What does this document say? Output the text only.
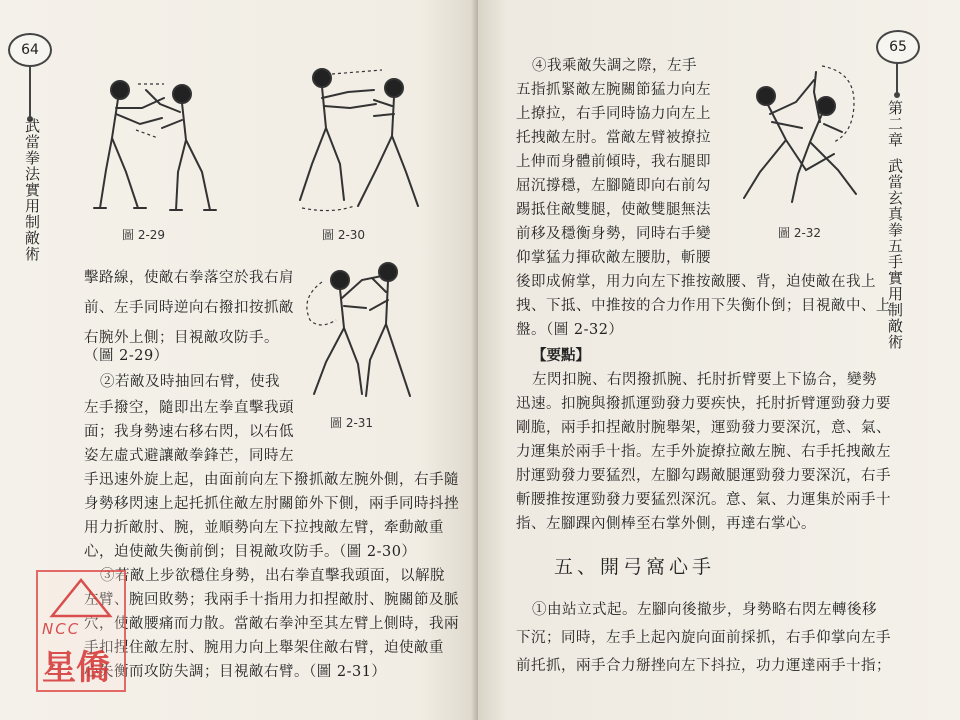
64
武當拳法實用制敵術	圖 2-29	圖 2-30
圖 2-31
擊路線，使敵右拳落空於我右肩
前、左手同時逆向右撥扣按抓敵
右腕外上側；目視敵攻防手。
（圖 2-29）
②若敵及時抽回右臂，使我
左手撥空，隨即出左拳直擊我頭
面；我身勢速右移右閃，以右低
姿左虛式避讓敵拳鋒芒，同時左
手迅速外旋上起，由面前向左下撥抓敵左腕外側，右手隨
身勢移閃速上起托抓住敵左肘關節外下側，兩手同時抖挫
用力折敵肘、腕，並順勢向左下拉拽敵左臂，牽動敵重
心，迫使敵失衡前倒；目視敵攻防手。（圖 2-30）
③若敵上步欲穩住身勢，出右拳直擊我頭面，以解脫
左臂、腕回敗勢；我兩手十指用力扣捏敵肘、腕關節及脈
穴，使敵腰痛而力散。當敵右拳沖至其左臂上側時，我兩
手扣捏住敵左肘、腕用力向上舉架住敵右臂，迫使敵重
心失衡而攻防失調；目視敵右臂。（圖 2-31）
NCC
星僑
65
第二章
武當玄真拳五手實用制敵術
圖 2-32
④我乘敵失調之際，左手
五指抓緊敵左腕關節猛力向左
上撩拉，右手同時協力向左上
托拽敵左肘。當敵左臂被撩拉
上伸而身體前傾時，我右腿即
屈沉撐穩，左腳隨即向右前勾
踢抵住敵雙腿，使敵雙腿無法
前移及穩衡身勢，同時右手變
仰掌猛力揮砍敵左腰肋，斬腰
後即成俯掌，用力向左下推按敵腰、背，迫使敵在我上
拽、下抵、中推按的合力作用下失衡仆倒；目視敵中、上
盤。（圖 2-32）
【要點】
左閃扣腕、右閃撥抓腕、托肘折臂要上下協合，變勢
迅速。扣腕與撥抓運勁發力要疾快，托肘折臂運勁發力要
剛脆，兩手扣捏敵肘腕舉架，運勁發力要深沉，意、氣、
力運集於兩手十指。左手外旋撩拉敵左腕、右手托拽敵左
肘運勁發力要猛烈，左腳勾踢敵腿運勁發力要深沉，右手
斬腰推按運勁發力要猛烈深沉。意、氣、力運集於兩手十
指、左腳踝內側棒至右掌外側，再達右掌心。
五、開弓窩心手
①由站立式起。左腳向後撤步，身勢略右閃左轉後移
下沉；同時，左手上起內旋向面前採抓，右手仰掌向左手
前托抓，兩手合力掰挫向左下抖拉，功力運達兩手十指；
